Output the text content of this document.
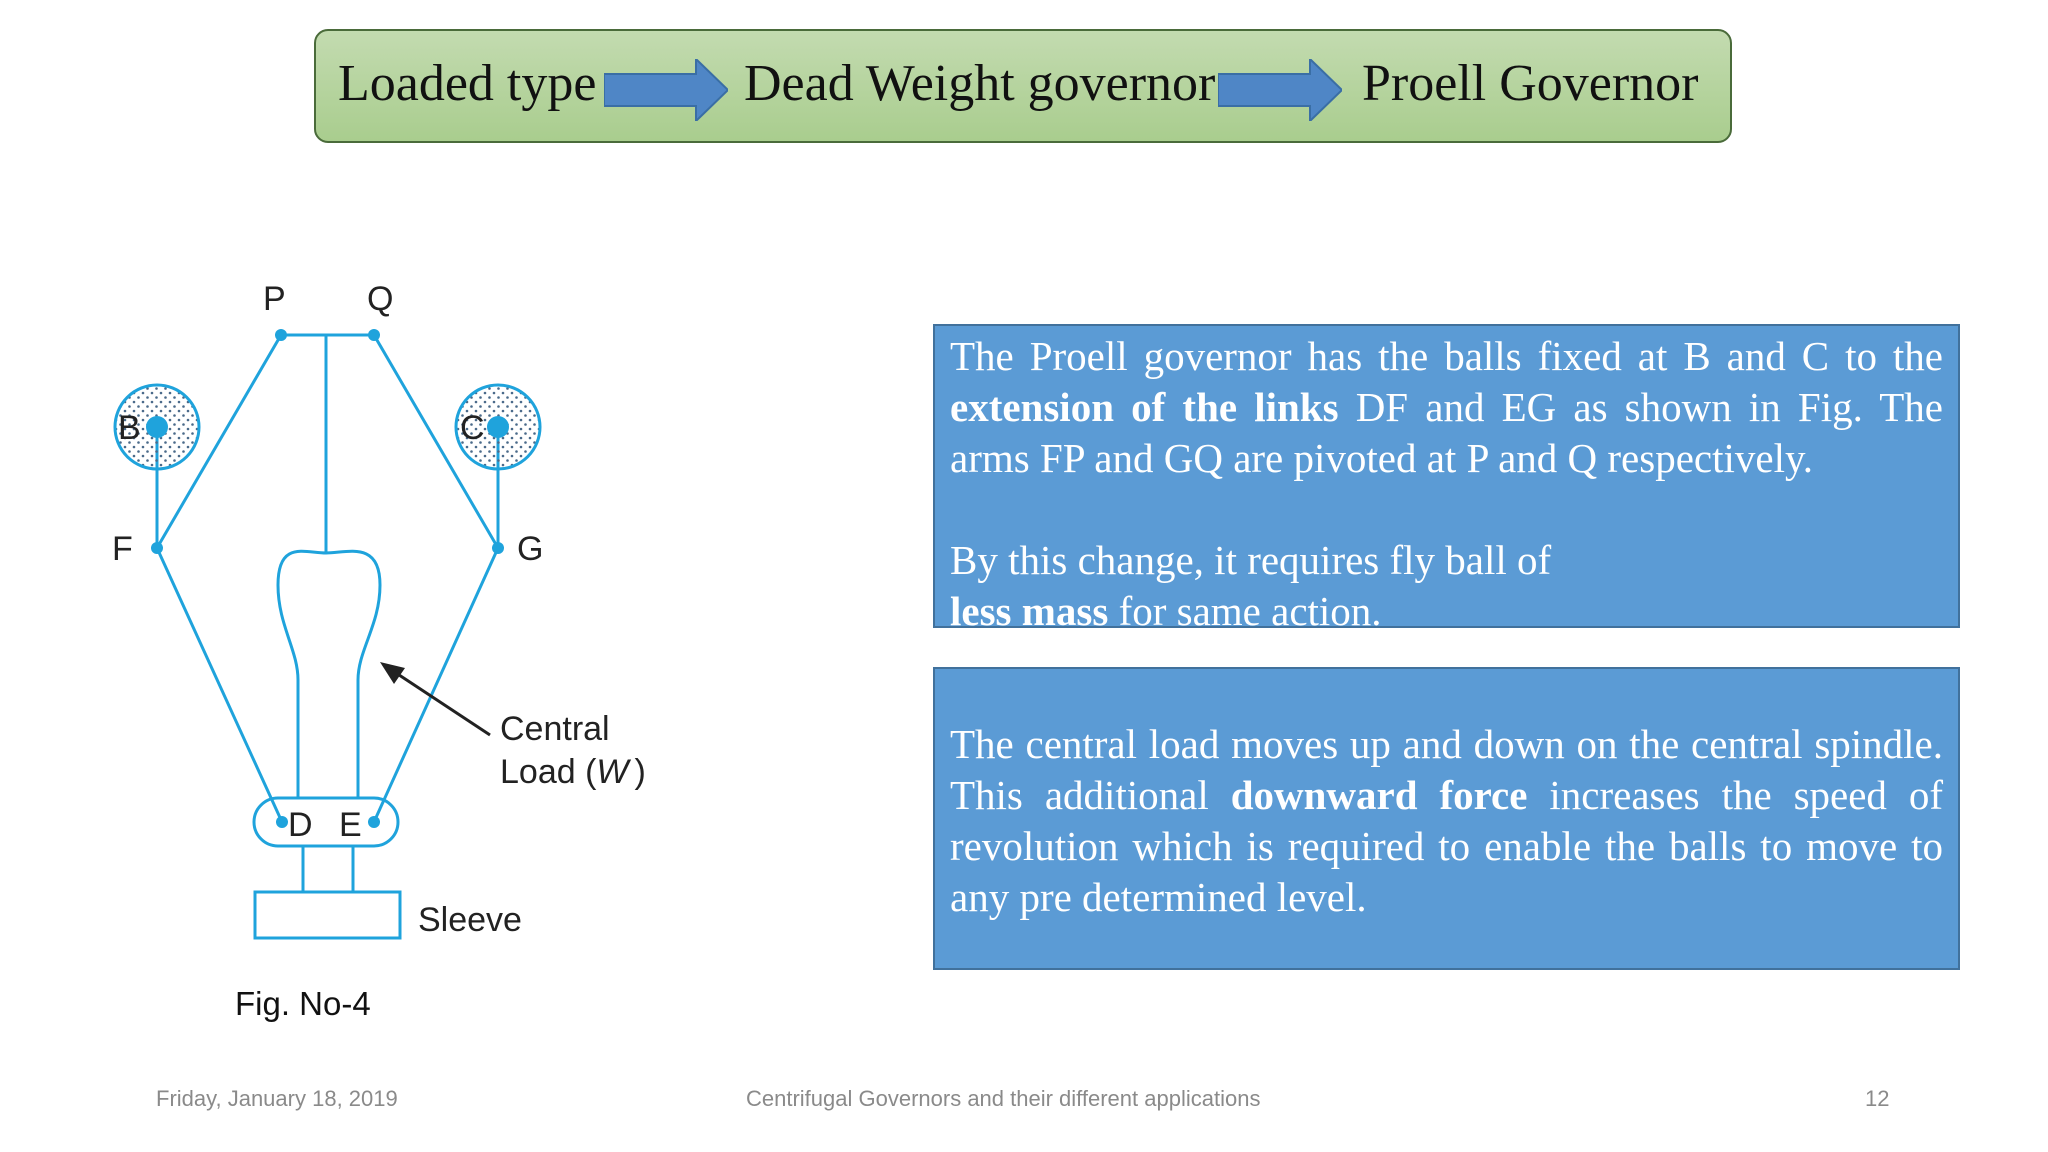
Loaded type	Dead Weight governor	Proell Governor
P Q
B	C
F	G
D E
Central
Load (W )
Sleeve
Fig. No-4

The Proell governor has the balls fixed at B and C to the extension of the links DF and EG as shown in Fig. The arms FP and GQ are pivoted at P and Q respectively.

By this change, it requires fly ball of
less mass for same action.

The central load moves up and down on the central spindle. This additional downward force increases the speed of revolution which is required to enable the balls to move to any pre determined level.

Friday, January 18, 2019	Centrifugal Governors and their different applications	12
